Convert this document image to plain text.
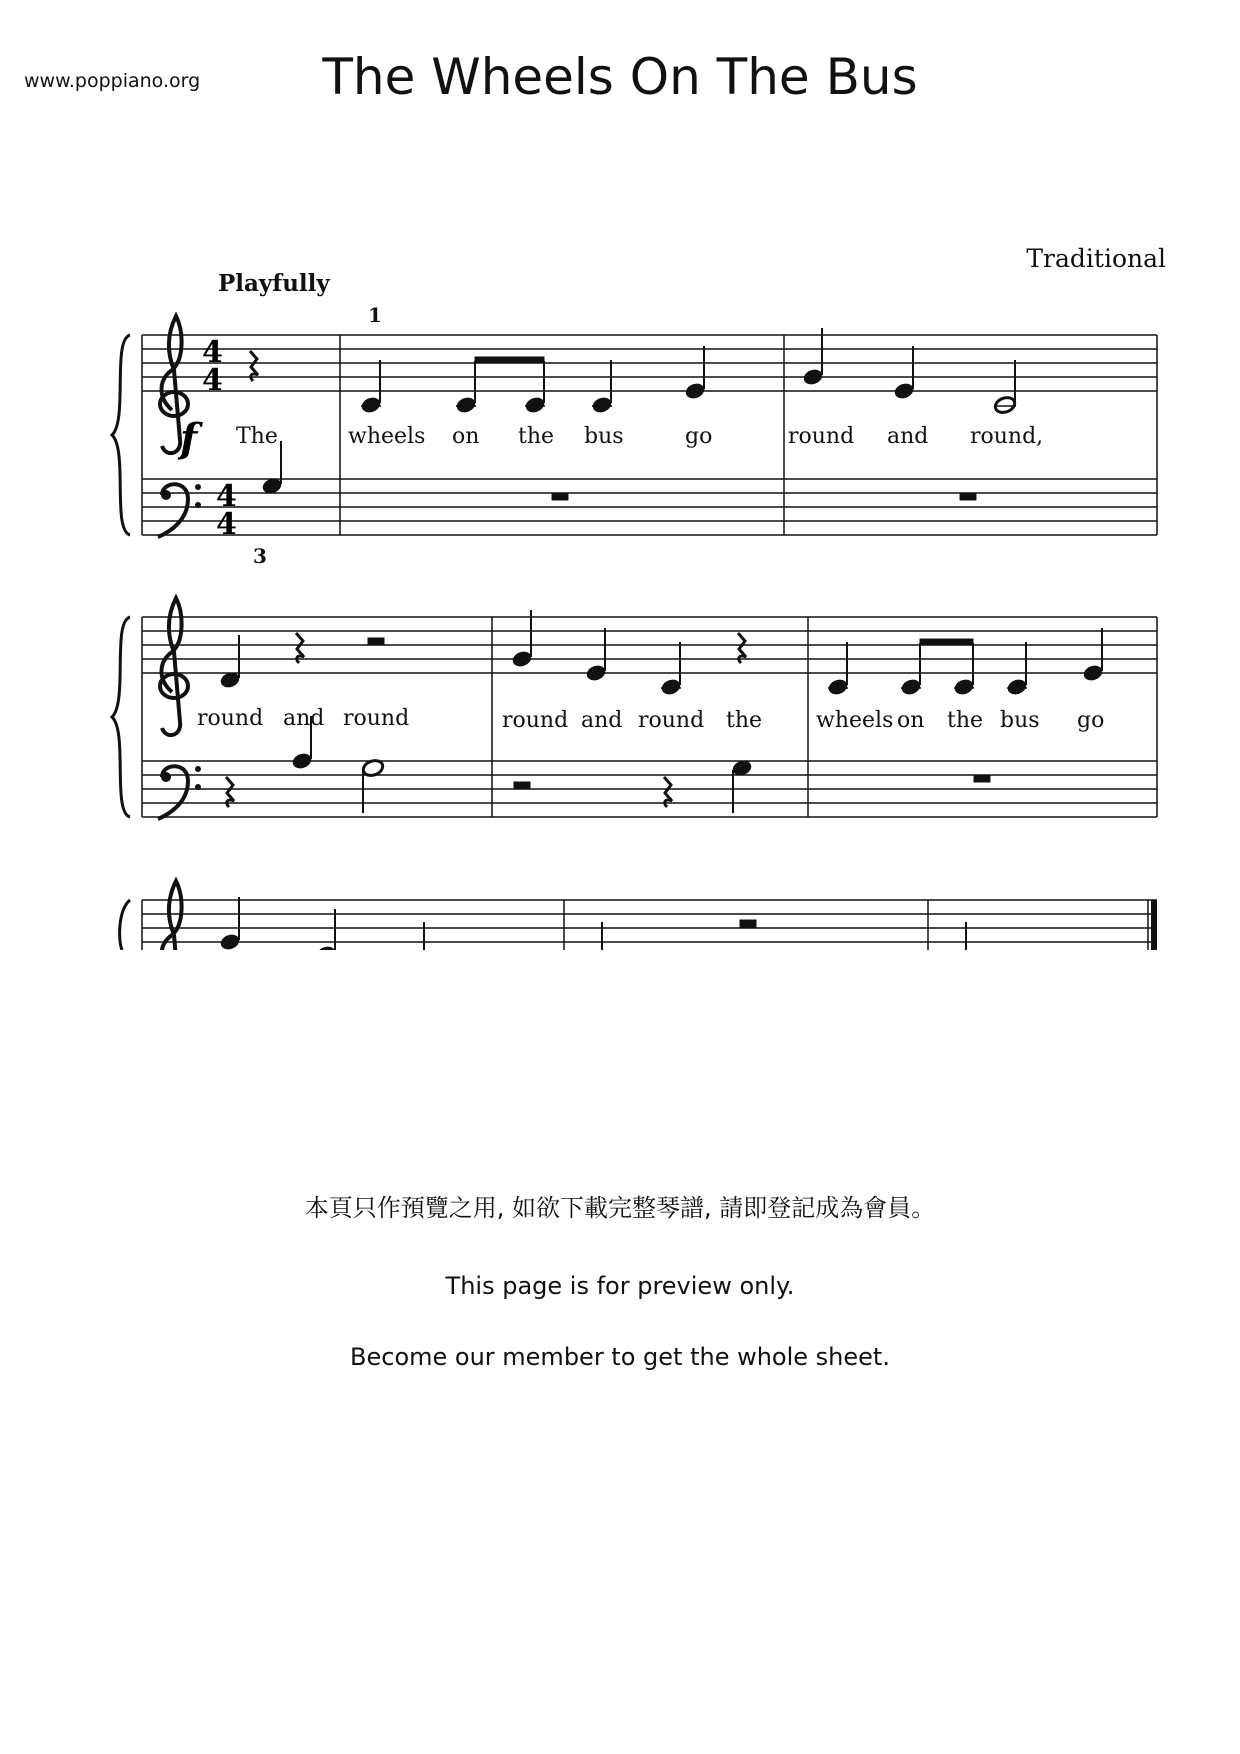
www.poppiano.org	The Wheels On The Bus
Traditional
Playfully
4
4
4
4
f
1
The	wheels on the bus	go	round and round,
3
round and round	round and round the wheels on the bus go
本頁只作預覽之用, 如欲下載完整琴譜, 請即登記成為會員。
This page is for preview only.
Become our member to get the whole sheet.
